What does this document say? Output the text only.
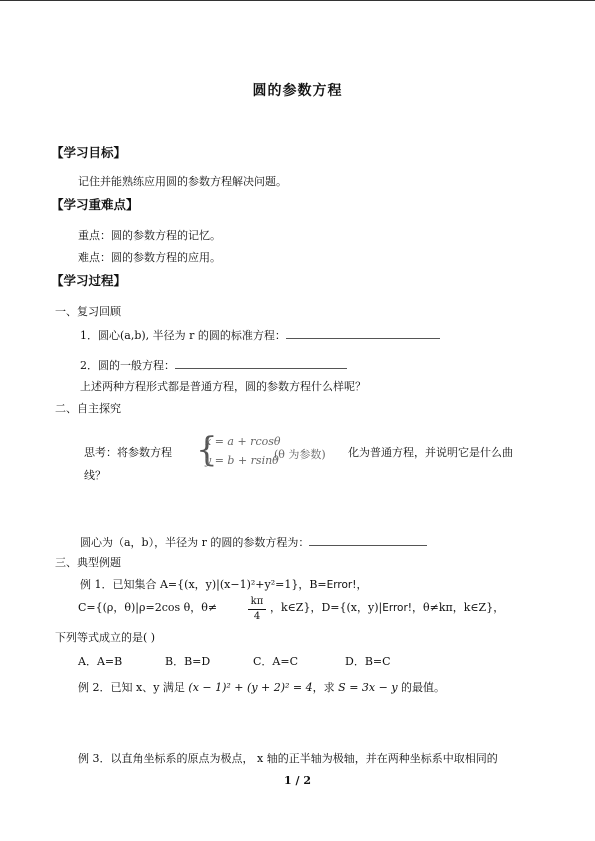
圆的参数方程
【学习目标】
记住并能熟练应用圆的参数方程解决问题。
【学习重难点】
重点：圆的参数方程的记忆。
难点：圆的参数方程的应用。
【学习过程】
一、复习回顾
1．圆心(a,b), 半径为 r 的圆的标准方程：
2．圆的一般方程：
上述两种方程形式都是普通方程，圆的参数方程什么样呢？
二、自主探究
思考：将参数方程 {
x = a + rcosθ
y = b + rsinθ
(θ 为参数) 化为普通方程，并说明它是什么曲
线？
圆心为（a，b），半径为 r 的圆的参数方程为：
三、典型例题
例 1．已知集合 A={(x，y)|(x−1)²+y²=1}，B=Error!，
C={(ρ，θ)|ρ=2cos θ，θ≠	kπ
4
，k∈Z}，D={(x，y)|Error!，θ≠kπ，k∈Z}，
下列等式成立的是( )
A．A=B	B．B=D	C．A=C	D．B=C
例 2．已知 x、y 满足 (x − 1)² + (y + 2)² = 4，求 S = 3x − y 的最值。
例 3．以直角坐标系的原点为极点， x 轴的正半轴为极轴，并在两种坐标系中取相同的
1 / 2
